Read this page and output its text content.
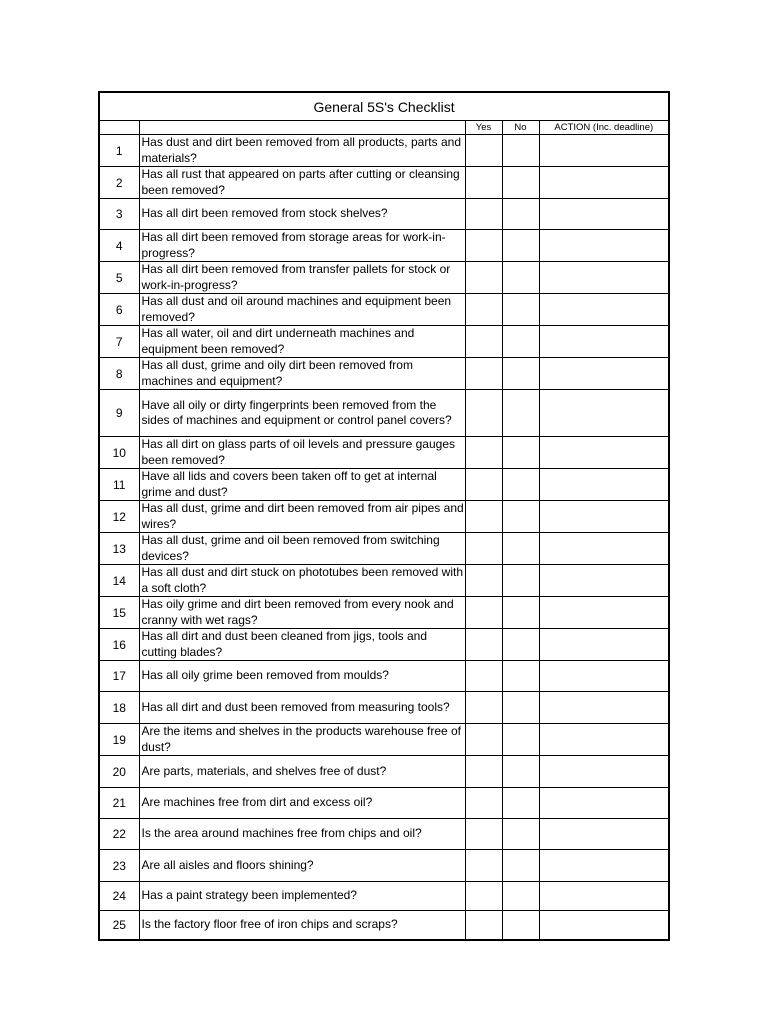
General 5S's Checklist				
		Yes	No	ACTION (Inc. deadline)
1	Has dust and dirt been removed from all products, parts and materials?			
2	Has all rust that appeared on parts after cutting or cleansing been removed?			
3	Has all dirt been removed from stock shelves?			
4	Has all dirt been removed from storage areas for work-in-progress?			
5	Has all dirt been removed from transfer pallets for stock or work-in-progress?			
6	Has all dust and oil around machines and equipment been removed?			
7	Has all water, oil and dirt underneath machines and equipment been removed?			
8	Has all dust, grime and oily dirt been removed from machines and equipment?			
9	Have all oily or dirty fingerprints been removed from the sides of machines and equipment or control panel covers?			
10	Has all dirt on glass parts of oil levels and pressure gauges been removed?			
11	Have all lids and covers been taken off to get at internal grime and dust?			
12	Has all dust, grime and dirt been removed from air pipes and wires?			
13	Has all dust, grime and oil been removed from switching devices?			
14	Has all dust and dirt stuck on phototubes been removed with a soft cloth?			
15	Has oily grime and dirt been removed from every nook and cranny with wet rags?			
16	Has all dirt and dust been cleaned from jigs, tools and cutting blades?			
17	Has all oily grime been removed from moulds?			
18	Has all dirt and dust been removed from measuring tools?			
19	Are the items and shelves in the products warehouse free of dust?			
20	Are parts, materials, and shelves free of dust?			
21	Are machines free from dirt and excess oil?			
22	Is the area around machines free from chips and oil?			
23	Are all aisles and floors shining?			
24	Has a paint strategy been implemented?			
25	Is the factory floor free of iron chips and scraps?			
